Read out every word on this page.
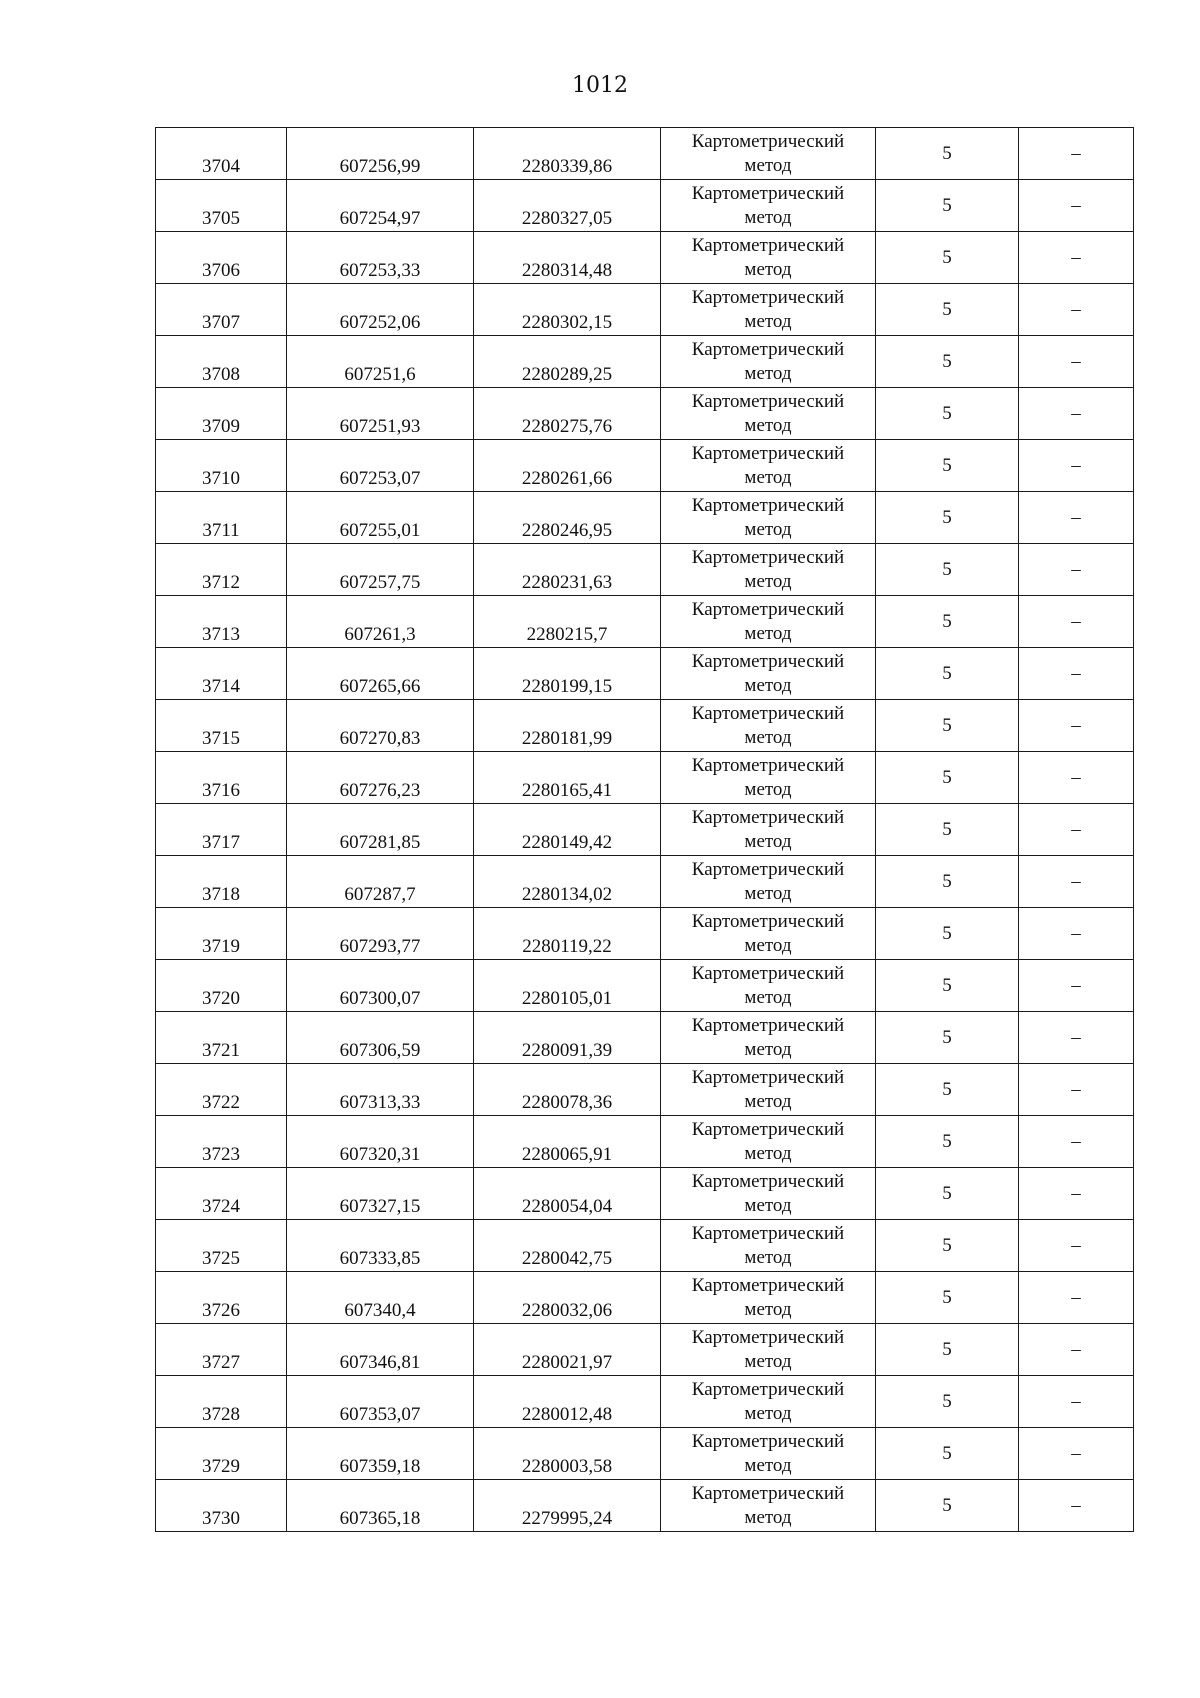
1012
3704	607256,99	2280339,86	Картометрический
метод	5	–
3705	607254,97	2280327,05	Картометрический
метод	5	–
3706	607253,33	2280314,48	Картометрический
метод	5	–
3707	607252,06	2280302,15	Картометрический
метод	5	–
3708	607251,6	2280289,25	Картометрический
метод	5	–
3709	607251,93	2280275,76	Картометрический
метод	5	–
3710	607253,07	2280261,66	Картометрический
метод	5	–
3711	607255,01	2280246,95	Картометрический
метод	5	–
3712	607257,75	2280231,63	Картометрический
метод	5	–
3713	607261,3	2280215,7	Картометрический
метод	5	–
3714	607265,66	2280199,15	Картометрический
метод	5	–
3715	607270,83	2280181,99	Картометрический
метод	5	–
3716	607276,23	2280165,41	Картометрический
метод	5	–
3717	607281,85	2280149,42	Картометрический
метод	5	–
3718	607287,7	2280134,02	Картометрический
метод	5	–
3719	607293,77	2280119,22	Картометрический
метод	5	–
3720	607300,07	2280105,01	Картометрический
метод	5	–
3721	607306,59	2280091,39	Картометрический
метод	5	–
3722	607313,33	2280078,36	Картометрический
метод	5	–
3723	607320,31	2280065,91	Картометрический
метод	5	–
3724	607327,15	2280054,04	Картометрический
метод	5	–
3725	607333,85	2280042,75	Картометрический
метод	5	–
3726	607340,4	2280032,06	Картометрический
метод	5	–
3727	607346,81	2280021,97	Картометрический
метод	5	–
3728	607353,07	2280012,48	Картометрический
метод	5	–
3729	607359,18	2280003,58	Картометрический
метод	5	–
3730	607365,18	2279995,24	Картометрический
метод	5	–
